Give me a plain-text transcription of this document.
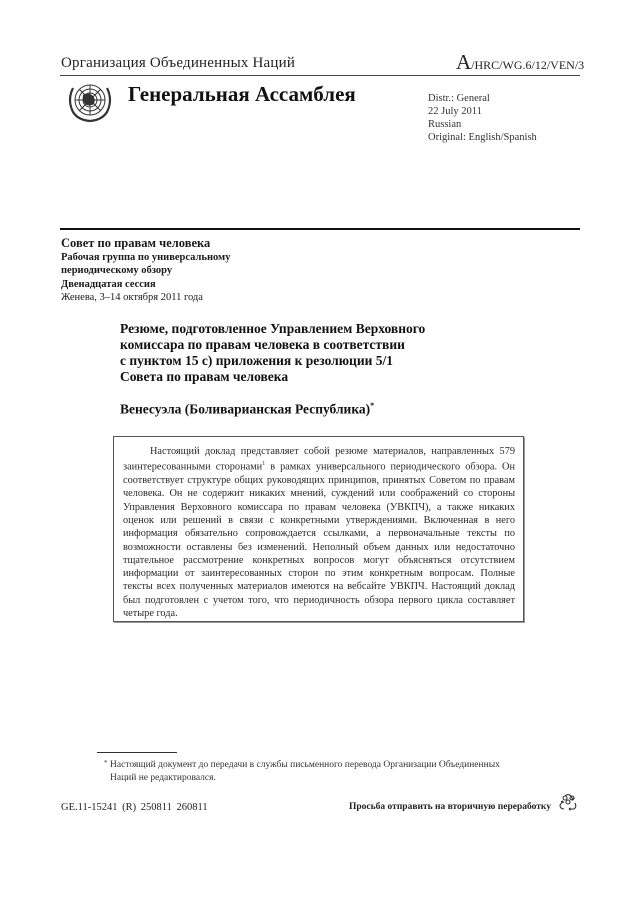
Организация Объединенных Наций	A/HRC/WG.6/12/VEN/3
Генеральная Ассамблея	Distr.: General
22 July 2011
Russian
Original: English/Spanish
Совет по правам человека
Рабочая группа по универсальному
периодическому обзору
Двенадцатая сессия
Женева, 3–14 октября 2011 года
Резюме, подготовленное Управлением Верховного
комиссара по правам человека в соответствии
с пунктом 15 с) приложения к резолюции 5/1
Совета по правам человека
Венесуэла (Боливарианская Республика)*
Настоящий доклад представляет собой резюме материалов, направленных 579 заинтересованными сторонами$^1$ в рамках универсального периодического обзора. Он соответствует структуре общих руководящих принципов, принятых Советом по правам человека. Он не содержит никаких мнений, суждений или соображений со стороны Управления Верховного комиссара по правам человека (УВКПЧ), а также никаких оценок или решений в связи с конкретными утверждениями. Включенная в него информация обязательно сопровождается ссылками, а первоначальные тексты по возможности оставлены без изменений. Неполный объем данных или недостаточно тщательное рассмотрение конкретных вопросов могут объясняться отсутствием информации от заинтересованных сторон по этим конкретным вопросам. Полные тексты всех полученных материалов имеются на вебсайте УВКПЧ. Настоящий доклад был подготовлен с учетом того, что периодичность обзора первого цикла составляет четыре года.
* Настоящий документ до передачи в службы письменного перевода Организации Объединенных Наций не редактировался.
GE.11-15241 (R) 250811 260811	Просьба отправить на вторичную переработку
